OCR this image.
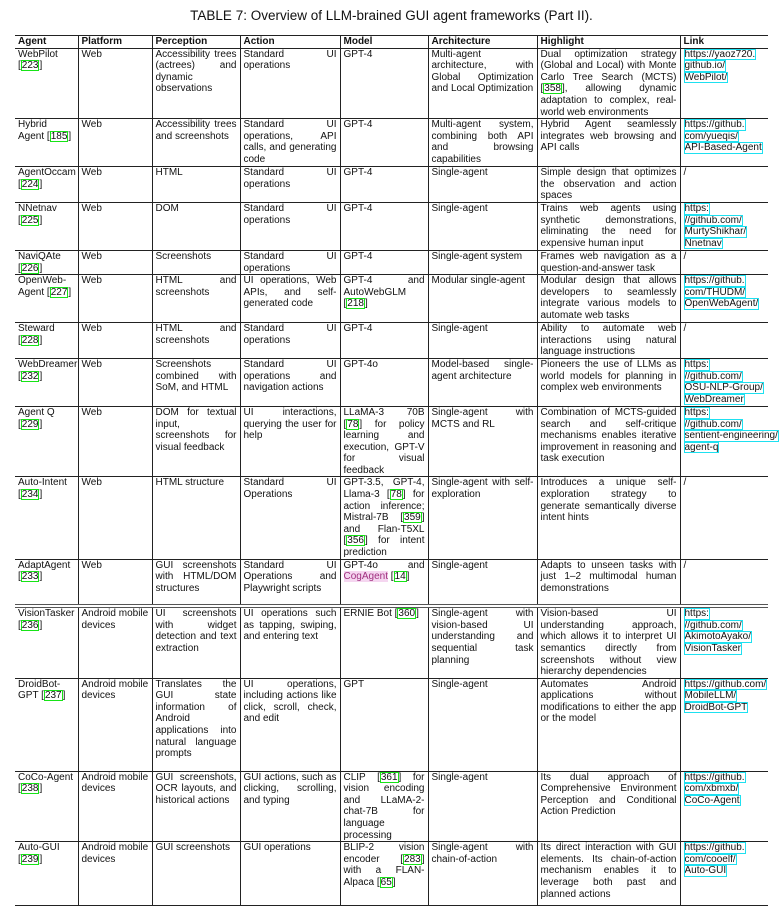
TABLE 7: Overview of LLM-brained GUI agent frameworks (Part II).
Agent	Platform	Perception	Action	Model	Architecture	Highlight	Link
WebPilot [223]	Web	Accessibility trees (actrees) and dynamic observations	Standard UI operations	GPT-4	Multi-agent architecture, with Global Optimization and Local Optimization	Dual optimization strategy (Global and Local) with Monte Carlo Tree Search (MCTS) [358], allowing dynamic adaptation to complex, real-world web environments	https://yaoz720.
github.io/
WebPilot/

Hybrid Agent [185]	Web	Accessibility trees and screenshots	Standard UI operations, API calls, and generating code	GPT-4	Multi-agent system, combining both API and browsing capabilities	Hybrid Agent seamlessly integrates web browsing and API calls	https://github.
com/yueqis/
API-Based-Agent

AgentOccam [224]	Web	HTML	Standard UI operations	GPT-4	Single-agent	Simple design that optimizes the observation and action spaces	/
NNetnav [225]	Web	DOM	Standard UI operations	GPT-4	Single-agent	Trains web agents using synthetic demonstrations, eliminating the need for expensive human input	https:
//github.com/
MurtyShikhar/
Nnetnav

NaviQAte [226]	Web	Screenshots	Standard UI operations	GPT-4	Single-agent system	Frames web navigation as a question-and-answer task	/
OpenWeb-Agent [227]	Web	HTML and screenshots	UI operations, Web APIs, and self-generated code	GPT-4 and AutoWebGLM [218]	Modular single-agent	Modular design that allows developers to seamlessly integrate various models to automate web tasks	https://github.
com/THUDM/
OpenWebAgent/

Steward [228]	Web	HTML and screenshots	Standard UI operations	GPT-4	Single-agent	Ability to automate web interactions using natural language instructions	/
WebDreamer [232]	Web	Screenshots combined with SoM, and HTML	Standard UI operations and navigation actions	GPT-4o	Model-based single-agent architecture	Pioneers the use of LLMs as world models for planning in complex web environments	https:
//github.com/
OSU-NLP-Group/
WebDreamer

Agent Q [229]	Web	DOM for textual input, screenshots for visual feedback	UI interactions, querying the user for help	LLaMA-3 70B [78] for policy learning and execution, GPT-V for visual feedback	Single-agent with MCTS and RL	Combination of MCTS-guided search and self-critique mechanisms enables iterative improvement in reasoning and task execution	https:
//github.com/
sentient-engineering/
agent-q

Auto-Intent [234]	Web	HTML structure	Standard UI Operations	GPT-3.5, GPT-4, Llama-3 [78] for action inference; Mistral-7B [359] and Flan-T5XL [356] for intent prediction	Single-agent with self-exploration	Introduces a unique self-exploration strategy to generate semantically diverse intent hints	/
AdaptAgent [233]	Web	GUI screenshots with HTML/DOM structures	Standard UI Operations and Playwright scripts	GPT-4o and CogAgent [14]	Single-agent	Adapts to unseen tasks with just 1–2 multimodal human demonstrations	/
VisionTasker [236]	Android mobile devices	UI screenshots with widget detection and text extraction	UI operations such as tapping, swiping, and entering text	ERNIE Bot [360]	Single-agent with vision-based UI understanding and sequential task planning	Vision-based UI understanding approach, which allows it to interpret UI semantics directly from screenshots without view hierarchy dependencies	https:
//github.com/
AkimotoAyako/
VisionTasker

DroidBot-GPT [237]	Android mobile devices	Translates the GUI state information of Android applications into natural language prompts	UI operations, including actions like click, scroll, check, and edit	GPT	Single-agent	Automates Android applications without modifications to either the app or the model	https://github.com/
MobileLLM/
DroidBot-GPT

CoCo-Agent [238]	Android mobile devices	GUI screenshots, OCR layouts, and historical actions	GUI actions, such as clicking, scrolling, and typing	CLIP [361] for vision encoding and LLaMA-2-chat-7B for language processing	Single-agent	Its dual approach of Comprehensive Environment Perception and Conditional Action Prediction	https://github.
com/xbmxb/
CoCo-Agent

Auto-GUI [239]	Android mobile devices	GUI screenshots	GUI operations	BLIP-2 vision encoder [283] with a FLAN-Alpaca [65]	Single-agent with chain-of-action	Its direct interaction with GUI elements. Its chain-of-action mechanism enables it to leverage both past and planned actions	https://github.
com/cooelf/
Auto-GUI
